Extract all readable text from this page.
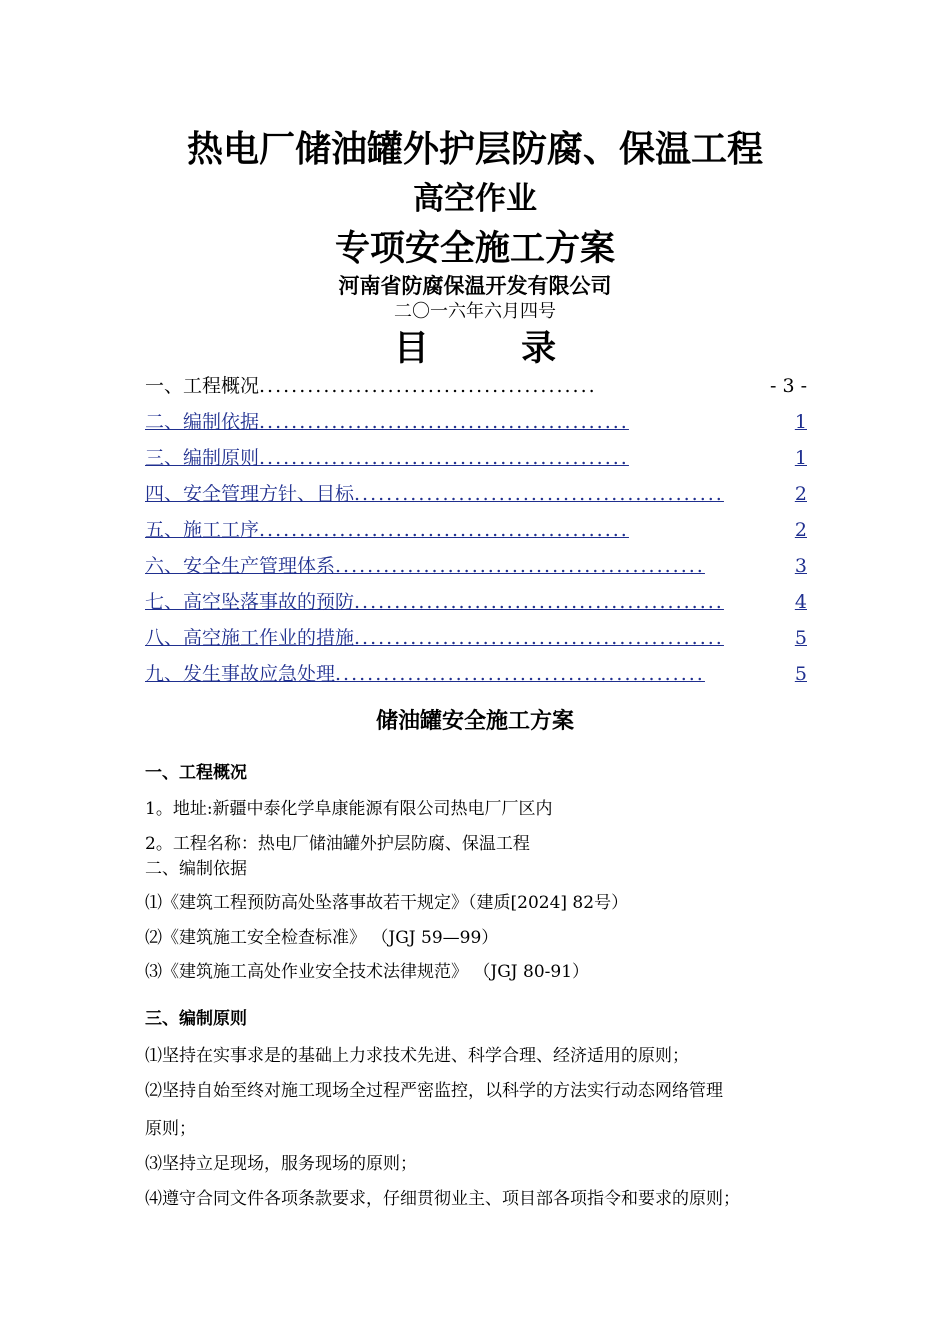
热电厂储油罐外护层防腐、保温工程
高空作业
专项安全施工方案
河南省防腐保温开发有限公司
二〇一六年六月四号
目 录
一、工程概况 ..........................................	- 3 -
二、编制依据 ..............................................	1
三、编制原则 ..............................................	1
四、安全管理方针、目标 ..............................................	2
五、施工工序 ..............................................	2
六、安全生产管理体系 ..............................................	3
七、高空坠落事故的预防 ..............................................	4
八、高空施工作业的措施 ..............................................	5
九、发生事故应急处理 ..............................................	5
储油罐安全施工方案
一、工程概况
1。地址:新疆中泰化学阜康能源有限公司热电厂厂区内
2。工程名称：热电厂储油罐外护层防腐、保温工程
二、编制依据
⑴《建筑工程预防高处坠落事故若干规定》（建质[2024] 82号）
⑵《建筑施工安全检查标准》 （JGJ 59—99）
⑶《建筑施工高处作业安全技术法律规范》 （JGJ 80-91）
三、编制原则
⑴坚持在实事求是的基础上力求技术先进、科学合理、经济适用的原则；
⑵坚持自始至终对施工现场全过程严密监控，以科学的方法实行动态网络管理
原则；
⑶坚持立足现场，服务现场的原则；
⑷遵守合同文件各项条款要求，仔细贯彻业主、项目部各项指令和要求的原则；
